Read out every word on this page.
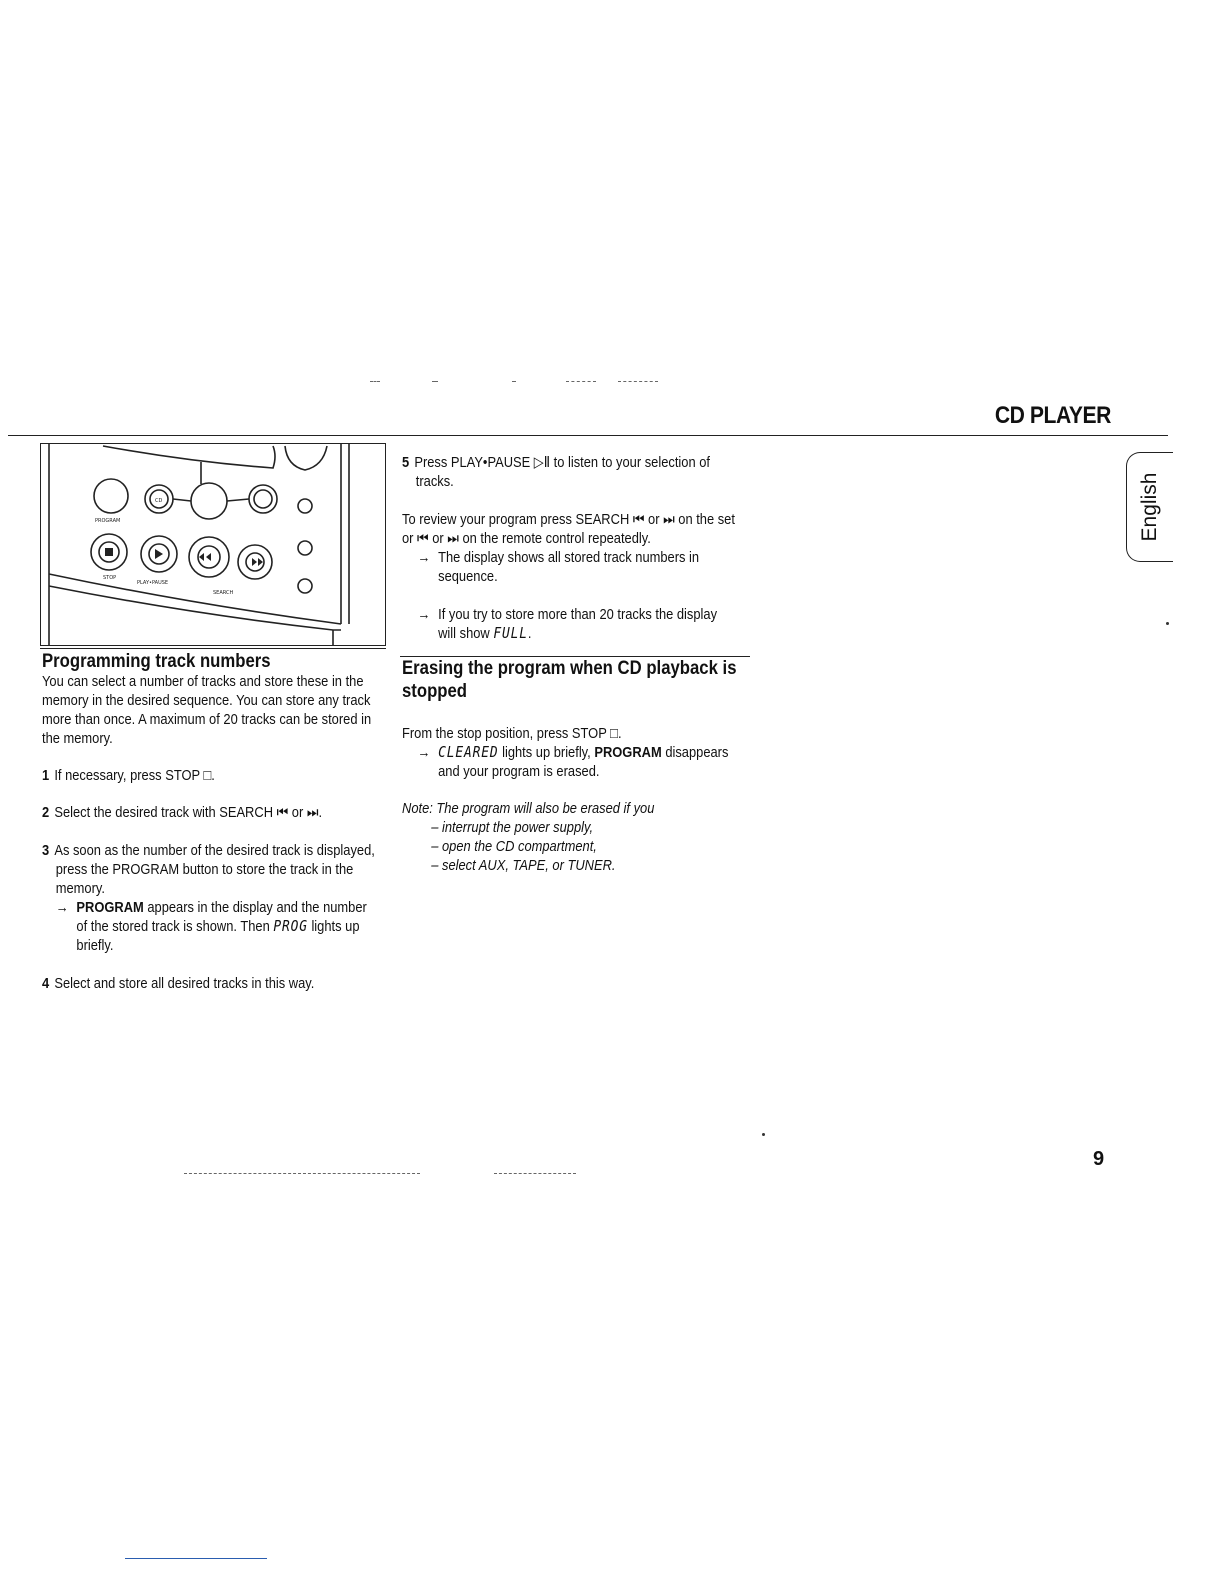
CD PLAYER
English
PROGRAM
STOP
PLAY•PAUSE
SEARCH
CD
Programming track numbers
You can select a number of tracks and store these in the
memory in the desired sequence. You can store any track
more than once. A maximum of 20 tracks can be stored in
the memory.
1 If necessary, press STOP □.
2 Select the desired track with SEARCH ⏮ or ⏭.
3 As soon as the number of the desired track is displayed,
press the PROGRAM button to store the track in the
memory.
→ PROGRAM appears in the display and the number
of the stored track is shown. Then PROG lights up
briefly.
4 Select and store all desired tracks in this way.
5 Press PLAY•PAUSE ▷Ⅱ to listen to your selection of
tracks.
To review your program press SEARCH ⏮ or ⏭ on the set
or ⏮ or ⏭ on the remote control repeatedly.
→ The display shows all stored track numbers in
sequence.
→ If you try to store more than 20 tracks the display
will show FULL.
Erasing the program when CD playback is
stopped
From the stop position, press STOP □.
→ CLEARED lights up briefly, PROGRAM disappears
and your program is erased.
Note: The program will also be erased if you
– interrupt the power supply,
– open the CD compartment,
– select AUX, TAPE, or TUNER.
9
